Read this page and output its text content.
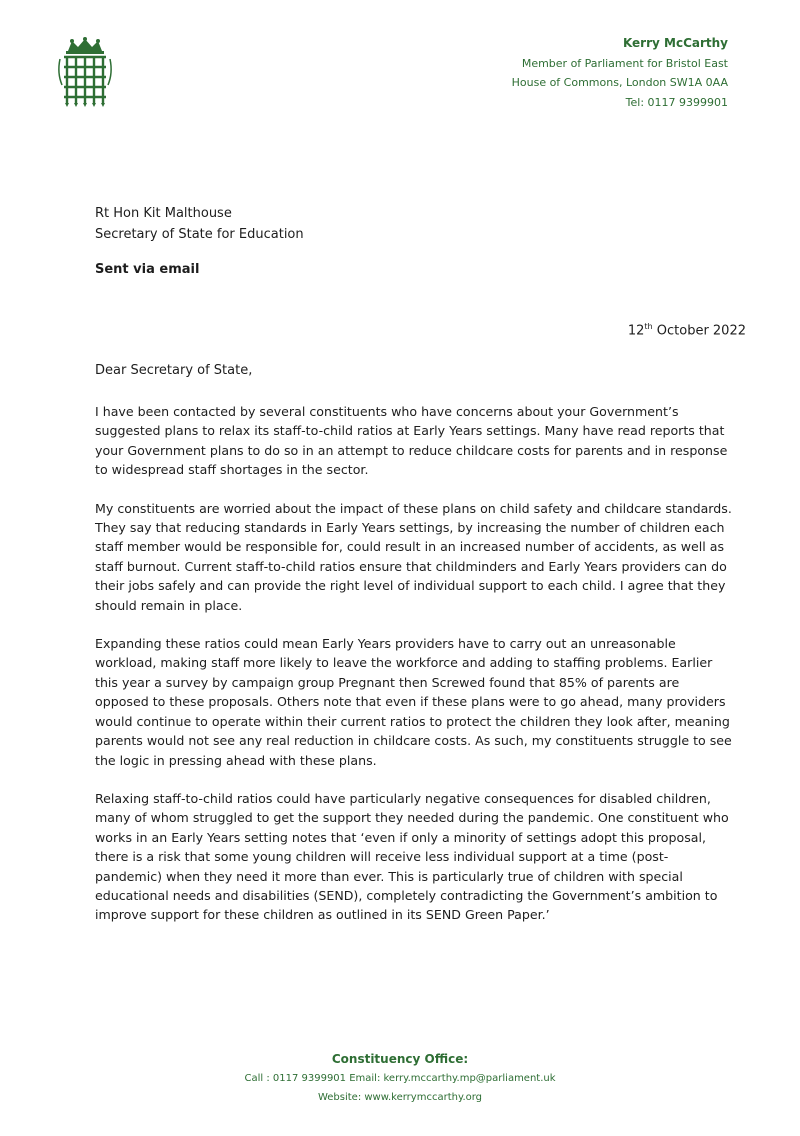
Kerry McCarthy
Member of Parliament for Bristol East
House of Commons, London SW1A 0AA
Tel: 0117 9399901
Rt Hon Kit Malthouse
Secretary of State for Education
Sent via email
12th October 2022
Dear Secretary of State,

I have been contacted by several constituents who have concerns about your Government’s suggested plans to relax its staff-to-child ratios at Early Years settings. Many have read reports that your Government plans to do so in an attempt to reduce childcare costs for parents and in response to widespread staff shortages in the sector.

My constituents are worried about the impact of these plans on child safety and childcare standards. They say that reducing standards in Early Years settings, by increasing the number of children each staff member would be responsible for, could result in an increased number of accidents, as well as staff burnout. Current staff-to-child ratios ensure that childminders and Early Years providers can do their jobs safely and can provide the right level of individual support to each child. I agree that they should remain in place.

Expanding these ratios could mean Early Years providers have to carry out an unreasonable workload, making staff more likely to leave the workforce and adding to staffing problems. Earlier this year a survey by campaign group Pregnant then Screwed found that 85% of parents are opposed to these proposals. Others note that even if these plans were to go ahead, many providers would continue to operate within their current ratios to protect the children they look after, meaning parents would not see any real reduction in childcare costs. As such, my constituents struggle to see the logic in pressing ahead with these plans.

Relaxing staff-to-child ratios could have particularly negative consequences for disabled children, many of whom struggled to get the support they needed during the pandemic. One constituent who works in an Early Years setting notes that ‘even if only a minority of settings adopt this proposal, there is a risk that some young children will receive less individual support at a time (post-pandemic) when they need it more than ever. This is particularly true of children with special educational needs and disabilities (SEND), completely contradicting the Government’s ambition to improve support for these children as outlined in its SEND Green Paper.’

Constituency Office:
Call : 0117 9399901 Email: kerry.mccarthy.mp@parliament.uk
Website: www.kerrymccarthy.org
